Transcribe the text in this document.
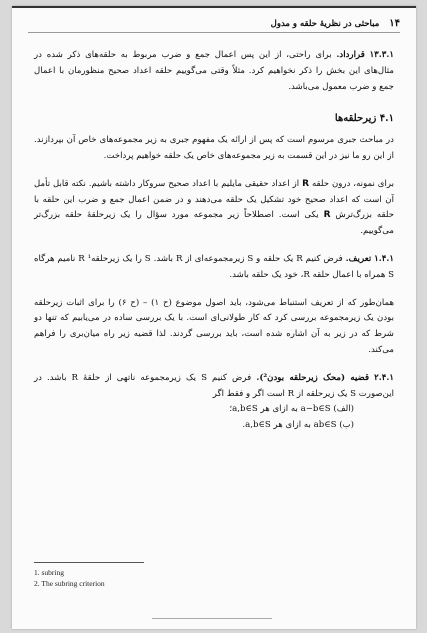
۱۴
مباحثی در نظریهٔ حلقه و مدول

۱۳.۳.۱ قرارداد. برای راحتی، از این پس اعمال جمع و ضرب مربوط به حلقه‌های ذکر شده در مثال‌های این بخش را ذکر نخواهیم کرد. مثلاً وقتی می‌گوییم حلقه اعداد صحیح منظورمان با اعمال جمع و ضرب معمول می‌باشد.

۴.۱ زیرحلقه‌ها

در مباحث جبری مرسوم است که پس از ارائه یک مفهوم جبری به زیر مجموعه‌های خاص آن بپردازند. از این رو ما نیز در این قسمت به زیر مجموعه‌های خاص یک حلقه خواهیم پرداخت.

برای نمونه، درون حلقه R از اعداد حقیقی مایلیم با اعداد صحیح سروکار داشته باشیم. نکته قابل تأمل آن است که اعداد صحیح خود تشکیل یک حلقه می‌دهند و در ضمن اعمال جمع و ضرب این حلقه با حلقه بزرگ‌ترش R یکی است. اصطلاحاً زیر مجموعه مورد سؤال را یک زیرحلقهٔ حلقه بزرگ‌تر می‌گوییم.

۱.۴.۱ تعریف. فرض کنیم R یک حلقه و S زیرمجموعه‌ای از R باشد. S را یک زیرحلقه¹ R نامیم هرگاه S همراه با اعمال حلقه R، خود یک حلقه باشد.

همان‌طور که از تعریف استنباط می‌شود، باید اصول موضوع (ح ۱) – (ح ۶) را برای اثبات زیرحلقه بودن یک زیرمجموعه بررسی کرد که کار طولانی‌ای است. با یک بررسی ساده در می‌یابیم که تنها دو شرط که در زیر به آن اشاره شده است، باید بررسی گردند. لذا قضیه زیر راه میان‌بری را فراهم می‌کند.

۲.۴.۱ قضیه (محک زیرحلقه بودن²). فرض کنیم S یک زیرمجموعه ناتهی از حلقهٔ R باشد. در این‌صورت S یک زیرحلقه از R است اگر و فقط اگر
(الف) a−b∈S به ازای هر a,b∈S؛
(ب) ab∈S به ازای هر a,b∈S.

1. subring
2. The subring criterion
